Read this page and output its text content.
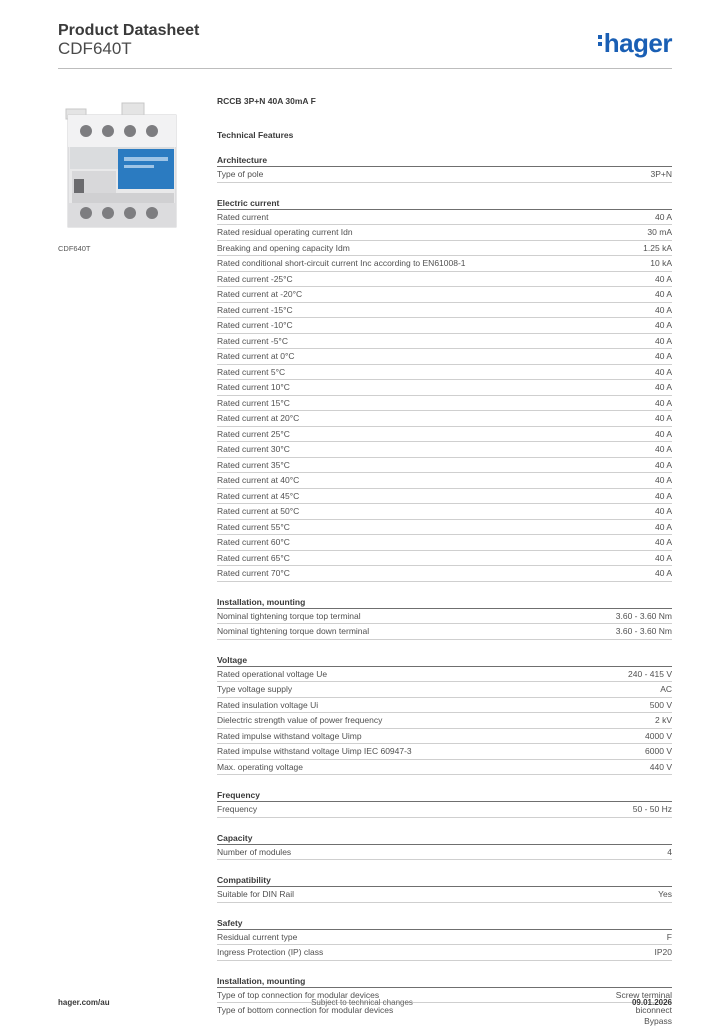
Product Datasheet
CDF640T	hager
CDF640T
RCCB 3P+N 40A 30mA F
Technical Features
Architecture
Type of pole	3P+N
Electric current
Rated current	40 A
Rated residual operating current Idn	30 mA
Breaking and opening capacity Idm	1.25 kA
Rated conditional short-circuit current Inc according to EN61008-1	10 kA
Rated current -25°C	40 A
Rated current at -20°C	40 A
Rated current -15°C	40 A
Rated current -10°C	40 A
Rated current -5°C	40 A
Rated current at 0°C	40 A
Rated current 5°C	40 A
Rated current 10°C	40 A
Rated current 15°C	40 A
Rated current at 20°C	40 A
Rated current 25°C	40 A
Rated current 30°C	40 A
Rated current 35°C	40 A
Rated current at 40°C	40 A
Rated current at 45°C	40 A
Rated current at 50°C	40 A
Rated current 55°C	40 A
Rated current 60°C	40 A
Rated current 65°C	40 A
Rated current 70°C	40 A
Installation, mounting
Nominal tightening torque top terminal	3.60 - 3.60 Nm
Nominal tightening torque down terminal	3.60 - 3.60 Nm
Voltage
Rated operational voltage Ue	240 - 415 V
Type voltage supply	AC
Rated insulation voltage Ui	500 V
Dielectric strength value of power frequency	2 kV
Rated impulse withstand voltage Uimp	4000 V
Rated impulse withstand voltage Uimp IEC 60947-3	6000 V
Max. operating voltage	440 V
Frequency
Frequency	50 - 50 Hz
Capacity
Number of modules	4
Compatibility
Suitable for DIN Rail	Yes
Safety
Residual current type	F
Ingress Protection (IP) class	IP20
Installation, mounting
Type of top connection for modular devices	Screw terminal
Type of bottom connection for modular devices	biconnect
Bypass
hager.com/au	Subject to technical changes	09.01.2026
